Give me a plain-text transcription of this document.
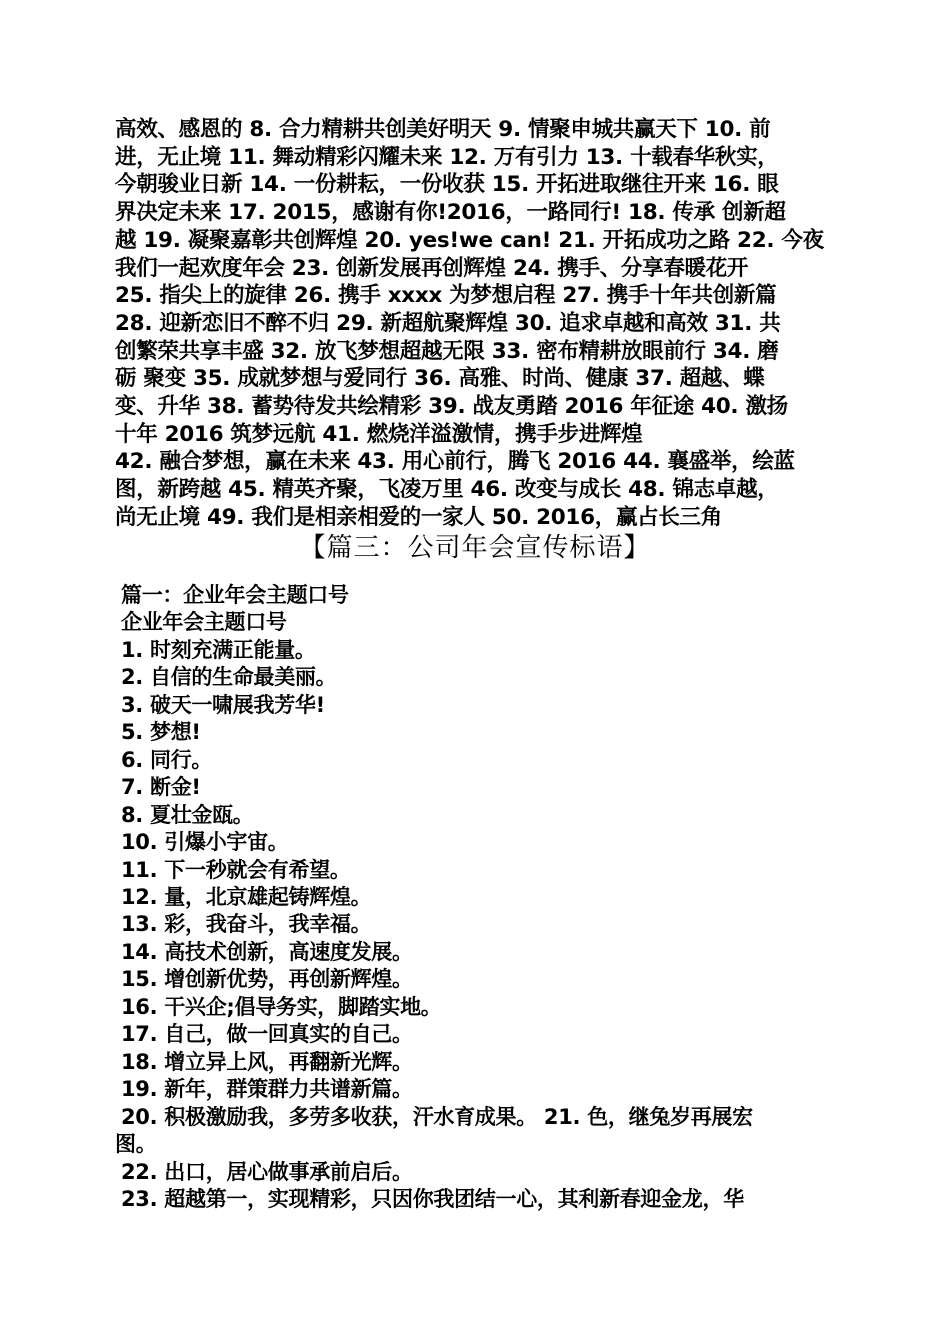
高效、感恩的 8. 合力精耕共创美好明天 9. 情聚申城共赢天下 10. 前
进，无止境 11. 舞动精彩闪耀未来 12. 万有引力 13. 十载春华秋实，
今朝骏业日新 14. 一份耕耘，一份收获 15. 开拓进取继往开来 16. 眼
界决定未来 17. 2015，感谢有你!2016，一路同行! 18. 传承 创新超
越 19. 凝聚嘉彰共创辉煌 20. yes!we can! 21. 开拓成功之路 22. 今夜
我们一起欢度年会 23. 创新发展再创辉煌 24. 携手、分享春暖花开
25. 指尖上的旋律 26. 携手 xxxx 为梦想启程 27. 携手十年共创新篇
28. 迎新恋旧不醉不归 29. 新超航聚辉煌 30. 追求卓越和高效 31. 共
创繁荣共享丰盛 32. 放飞梦想超越无限 33. 密布精耕放眼前行 34. 磨
砺 聚变 35. 成就梦想与爱同行 36. 高雅、时尚、健康 37. 超越、蝶
变、升华 38. 蓄势待发共绘精彩 39. 战友勇踏 2016 年征途 40. 激扬
十年 2016 筑梦远航 41. 燃烧洋溢激情，携手步进辉煌
42. 融合梦想，赢在未来 43. 用心前行，腾飞 2016 44. 襄盛举，绘蓝
图，新跨越 45. 精英齐聚，飞凌万里 46. 改变与成长 48. 锦志卓越，
尚无止境 49. 我们是相亲相爱的一家人 50. 2016，赢占长三角
【篇三：公司年会宣传标语】
篇一：企业年会主题口号
企业年会主题口号
1. 时刻充满正能量。
2. 自信的生命最美丽。
3. 破天一啸展我芳华!
5. 梦想!
6. 同行。
7. 断金!
8. 夏壮金瓯。
10. 引爆小宇宙。
11. 下一秒就会有希望。
12. 量，北京雄起铸辉煌。
13. 彩，我奋斗，我幸福。
14. 高技术创新，高速度发展。
15. 增创新优势，再创新辉煌。
16. 干兴企;倡导务实，脚踏实地。
17. 自己，做一回真实的自己。
18. 增立异上风，再翻新光辉。
19. 新年，群策群力共谱新篇。
20. 积极激励我，多劳多收获，汗水育成果。 21. 色，继兔岁再展宏
图。
22. 出口，居心做事承前启后。
23. 超越第一，实现精彩，只因你我团结一心，其利新春迎金龙，华
